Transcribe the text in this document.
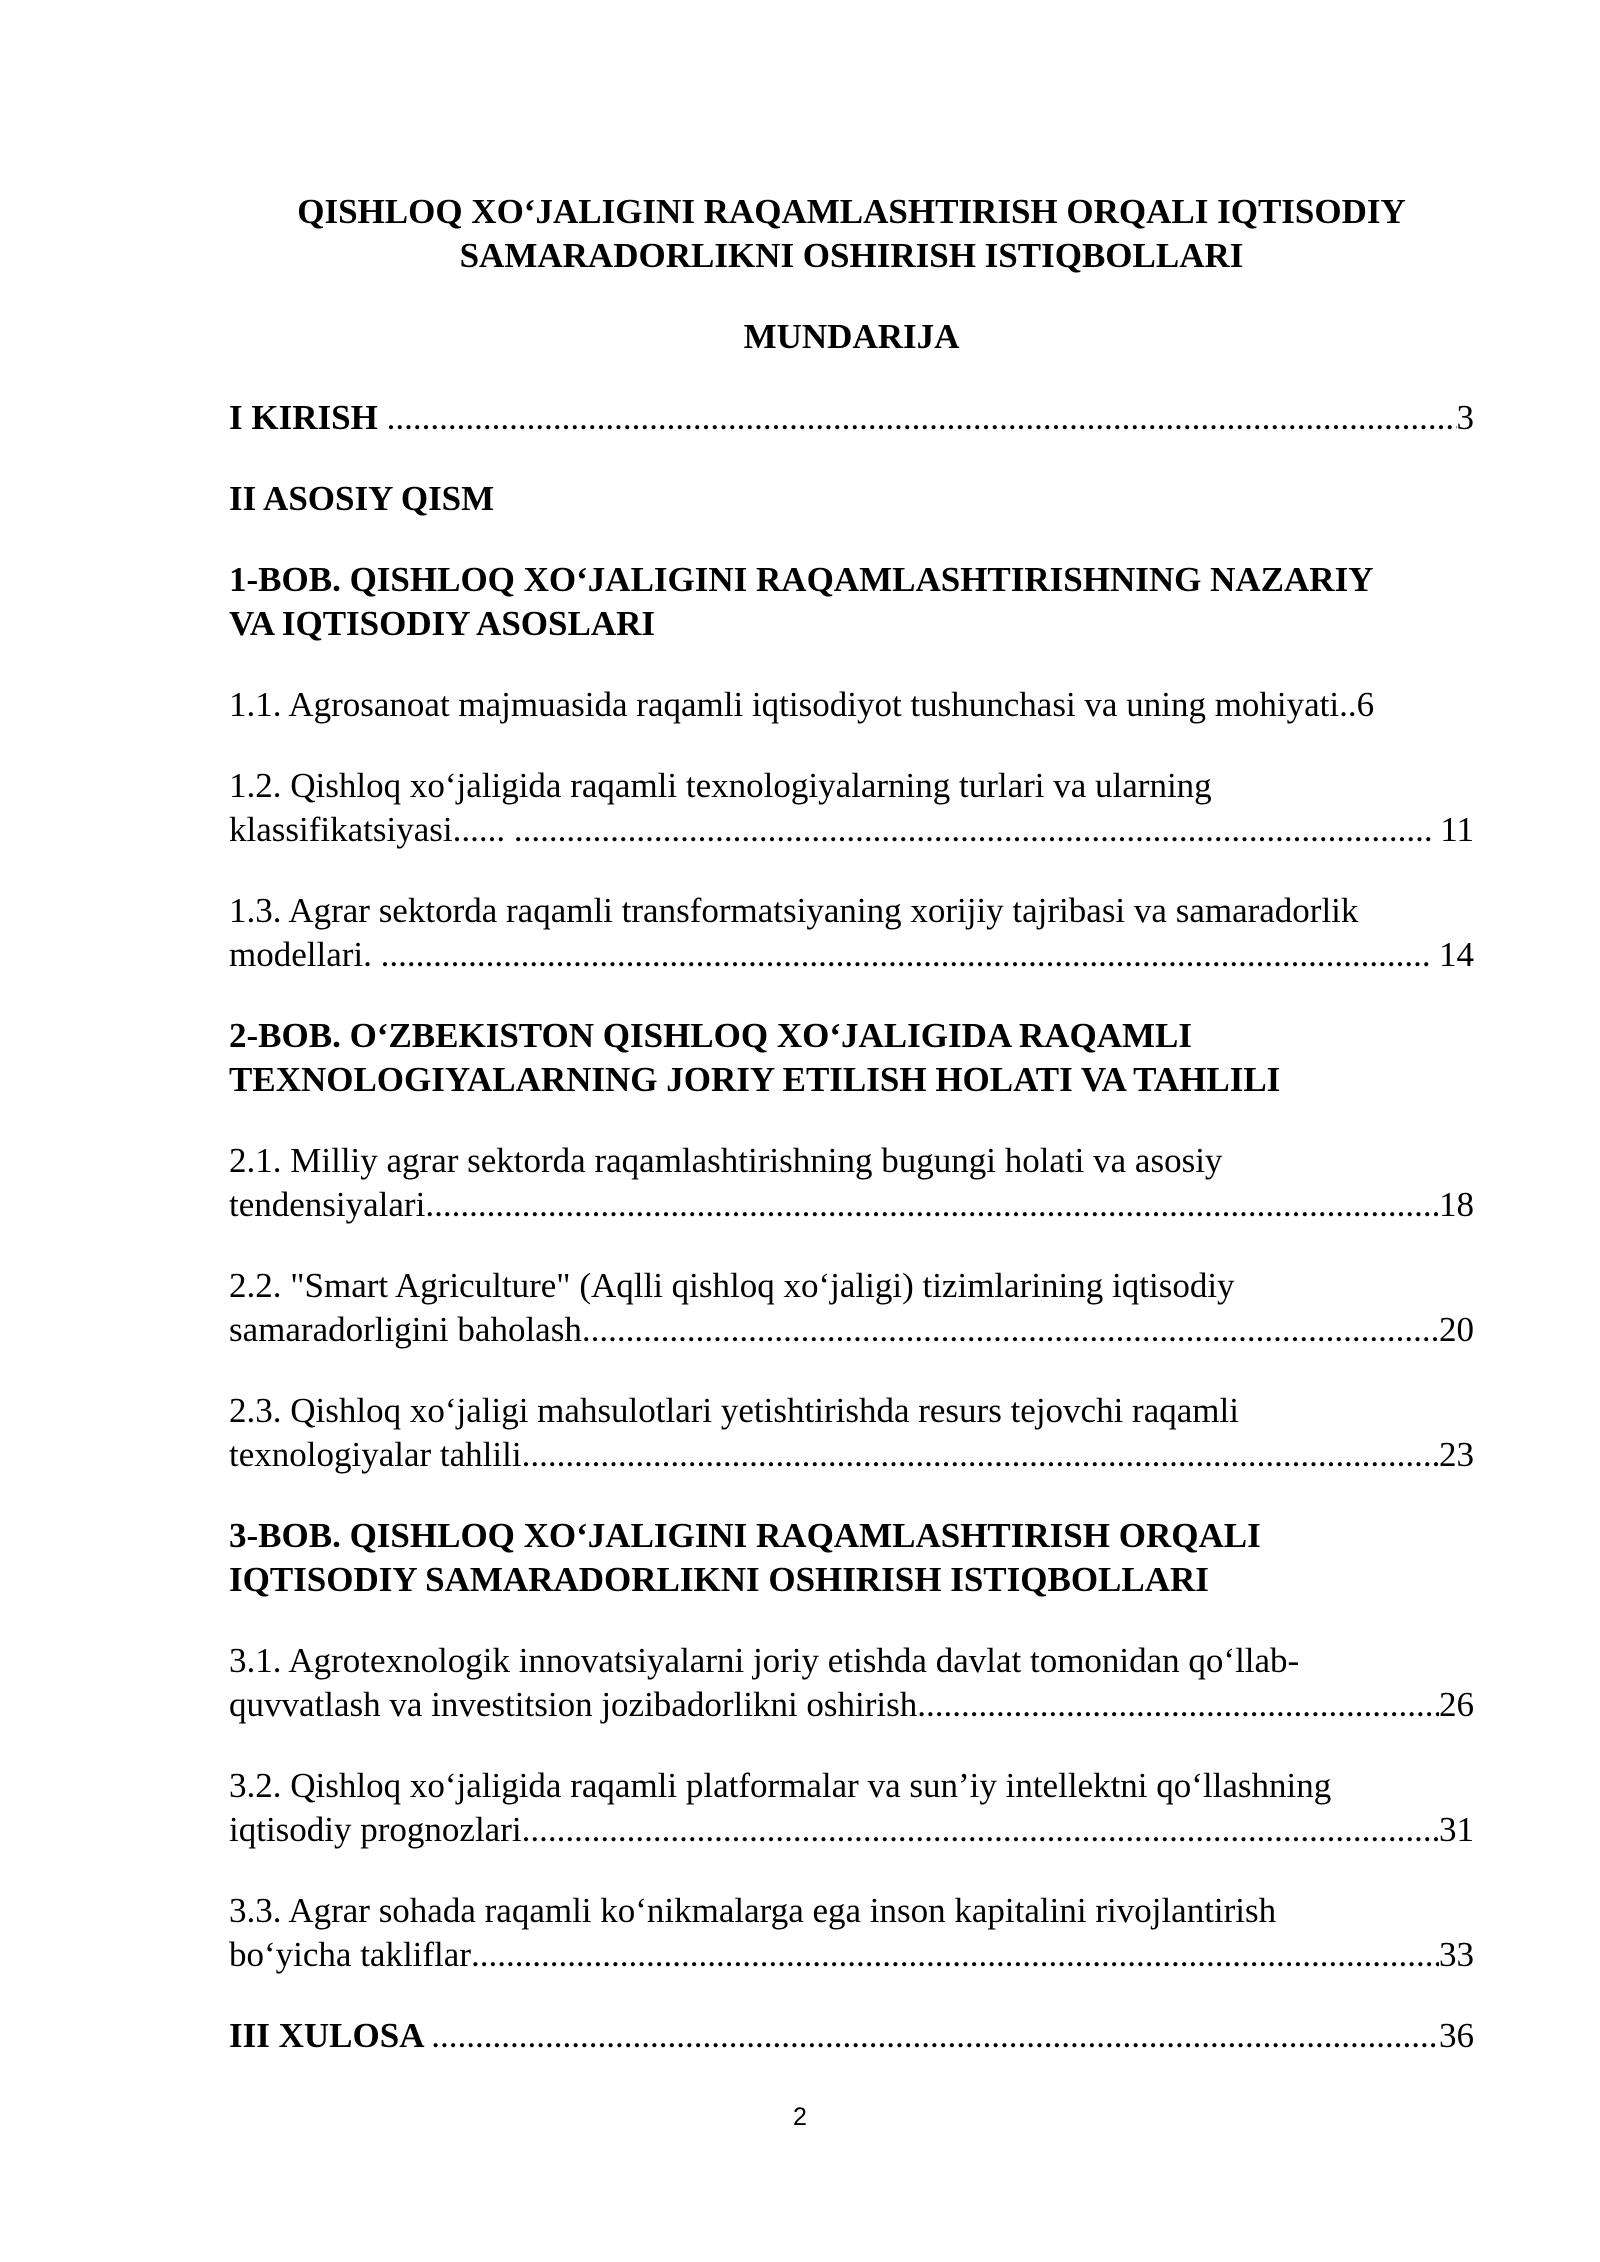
QISHLOQ XO‘JALIGINI RAQAMLASHTIRISH ORQALI IQTISODIY
SAMARADORLIKNI OSHIRISH ISTIQBOLLARI
MUNDARIJA
I KIRISH .....	3
II ASOSIY QISM
1-BOB. QISHLOQ XO‘JALIGINI RAQAMLASHTIRISHNING NAZARIY
VA IQTISODIY ASOSLARI
1.1. Agrosanoat majmuasida raqamli iqtisodiyot tushunchasi va uning mohiyati .. 6
1.2. Qishloq xo‘jaligida raqamli texnologiyalarning turlari va ularning
klassifikatsiyasi...... .....	11
1.3. Agrar sektorda raqamli transformatsiyaning xorijiy tajribasi va samaradorlik
modellari. .....	14
2-BOB. O‘ZBEKISTON QISHLOQ XO‘JALIGIDA RAQAMLI
TEXNOLOGIYALARNING JORIY ETILISH HOLATI VA TAHLILI
2.1. Milliy agrar sektorda raqamlashtirishning bugungi holati va asosiy
tendensiyalari .....	18
2.2. "Smart Agriculture" (Aqlli qishloq xo‘jaligi) tizimlarining iqtisodiy
samaradorligini baholash .....	20
2.3. Qishloq xo‘jaligi mahsulotlari yetishtirishda resurs tejovchi raqamli
texnologiyalar tahlili .....	23
3-BOB. QISHLOQ XO‘JALIGINI RAQAMLASHTIRISH ORQALI
IQTISODIY SAMARADORLIKNI OSHIRISH ISTIQBOLLARI
3.1. Agrotexnologik innovatsiyalarni joriy etishda davlat tomonidan qo‘llab-
quvvatlash va investitsion jozibadorlikni oshirish .....	26
3.2. Qishloq xo‘jaligida raqamli platformalar va sun’iy intellektni qo‘llashning
iqtisodiy prognozlari .....	31
3.3. Agrar sohada raqamli ko‘nikmalarga ega inson kapitalini rivojlantirish
bo‘yicha takliflar .....	33
III XULOSA .....	36
2
